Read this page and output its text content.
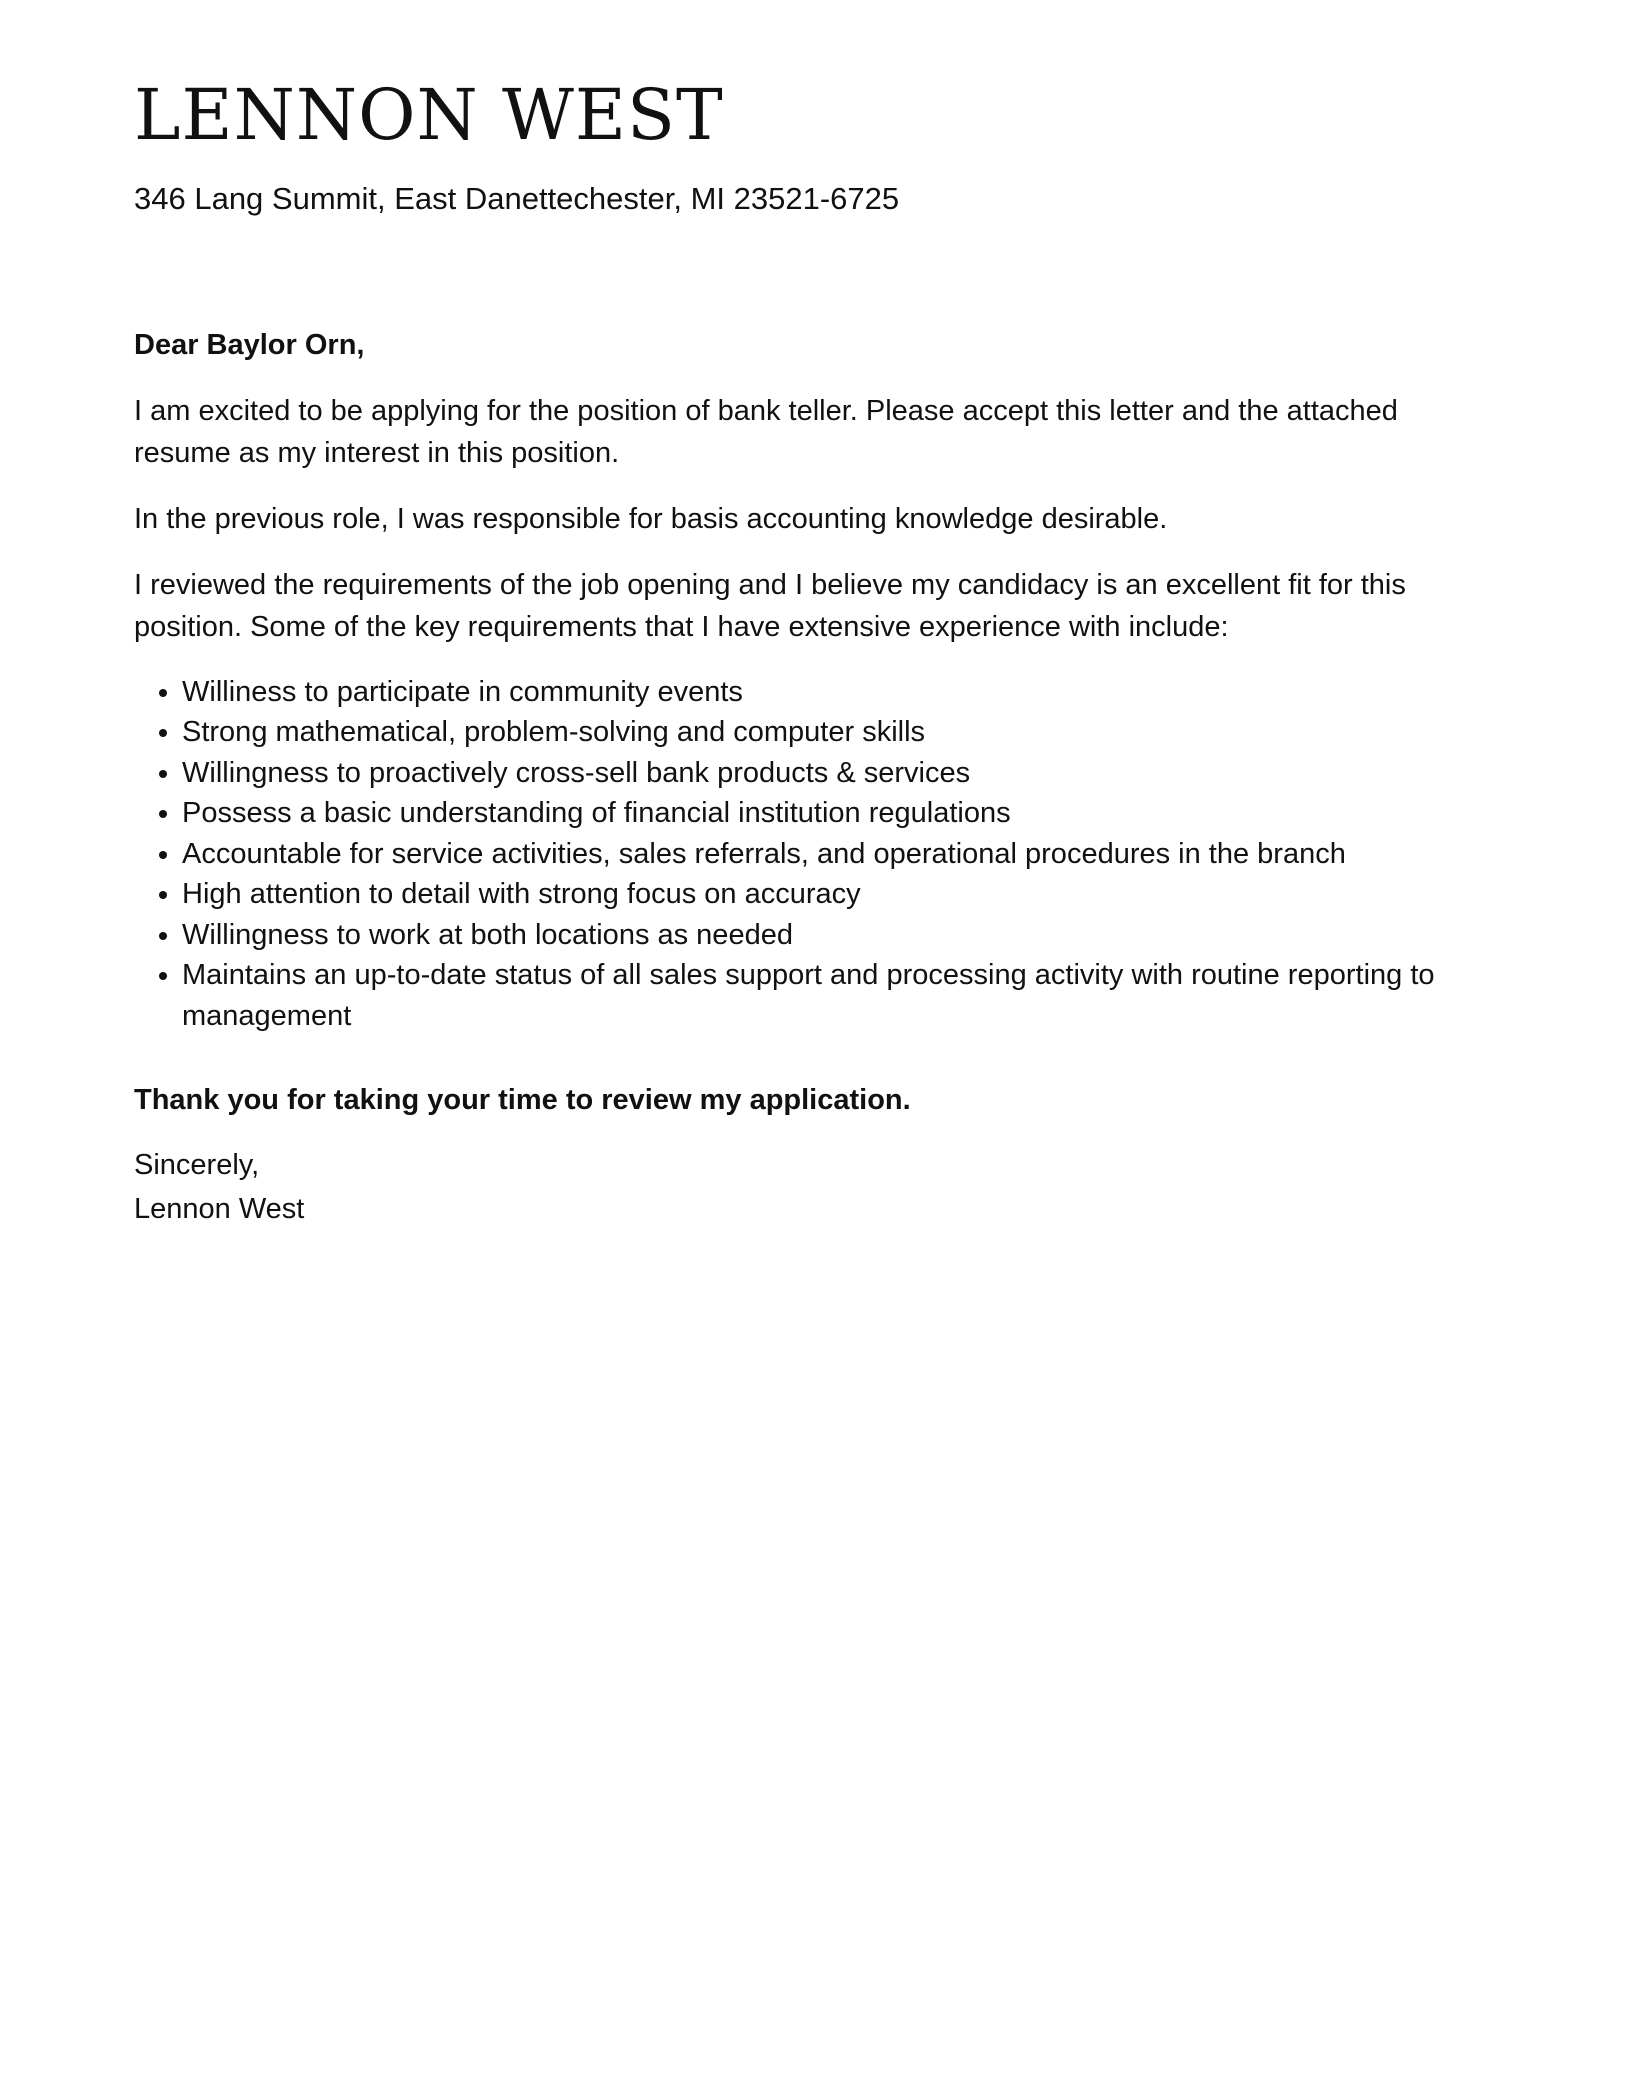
LENNON WEST
346 Lang Summit, East Danettechester, MI 23521-6725
Dear Baylor Orn,

I am excited to be applying for the position of bank teller. Please accept this letter and the attached resume as my interest in this position.

In the previous role, I was responsible for basis accounting knowledge desirable.

I reviewed the requirements of the job opening and I believe my candidacy is an excellent fit for this position. Some of the key requirements that I have extensive experience with include:

• Williness to participate in community events
• Strong mathematical, problem-solving and computer skills
• Willingness to proactively cross-sell bank products & services
• Possess a basic understanding of financial institution regulations
• Accountable for service activities, sales referrals, and operational procedures in the branch
• High attention to detail with strong focus on accuracy
• Willingness to work at both locations as needed
• Maintains an up-to-date status of all sales support and processing activity with routine reporting to management
Thank you for taking your time to review my application.
Sincerely,
Lennon West
